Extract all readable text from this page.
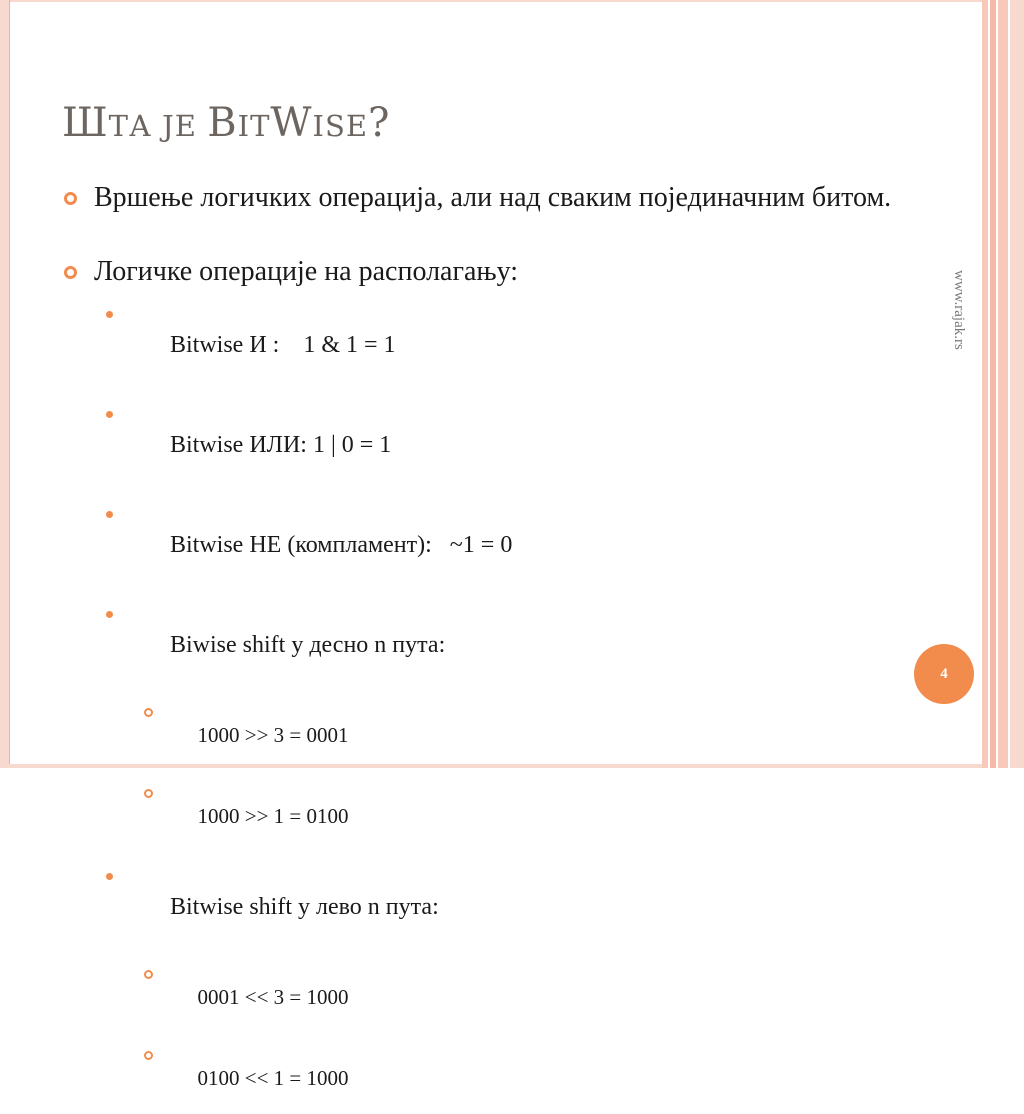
ШТА ЈЕ BITWISE?
www.rajak.rs
4
Вршење логичких операција, али над сваким појединачним битом.
Логичке операције на располагању:

Bitwise И :    1 & 1 = 1

Bitwise ИЛИ: 1 | 0 = 1

Bitwise НЕ (компламент):   ~1 = 0

Biwise shift у десно n пута:

1000 >> 3 = 0001

1000 >> 1 = 0100

Bitwise shift у лево n пута:

0001 << 3 = 1000

0100 << 1 = 1000
